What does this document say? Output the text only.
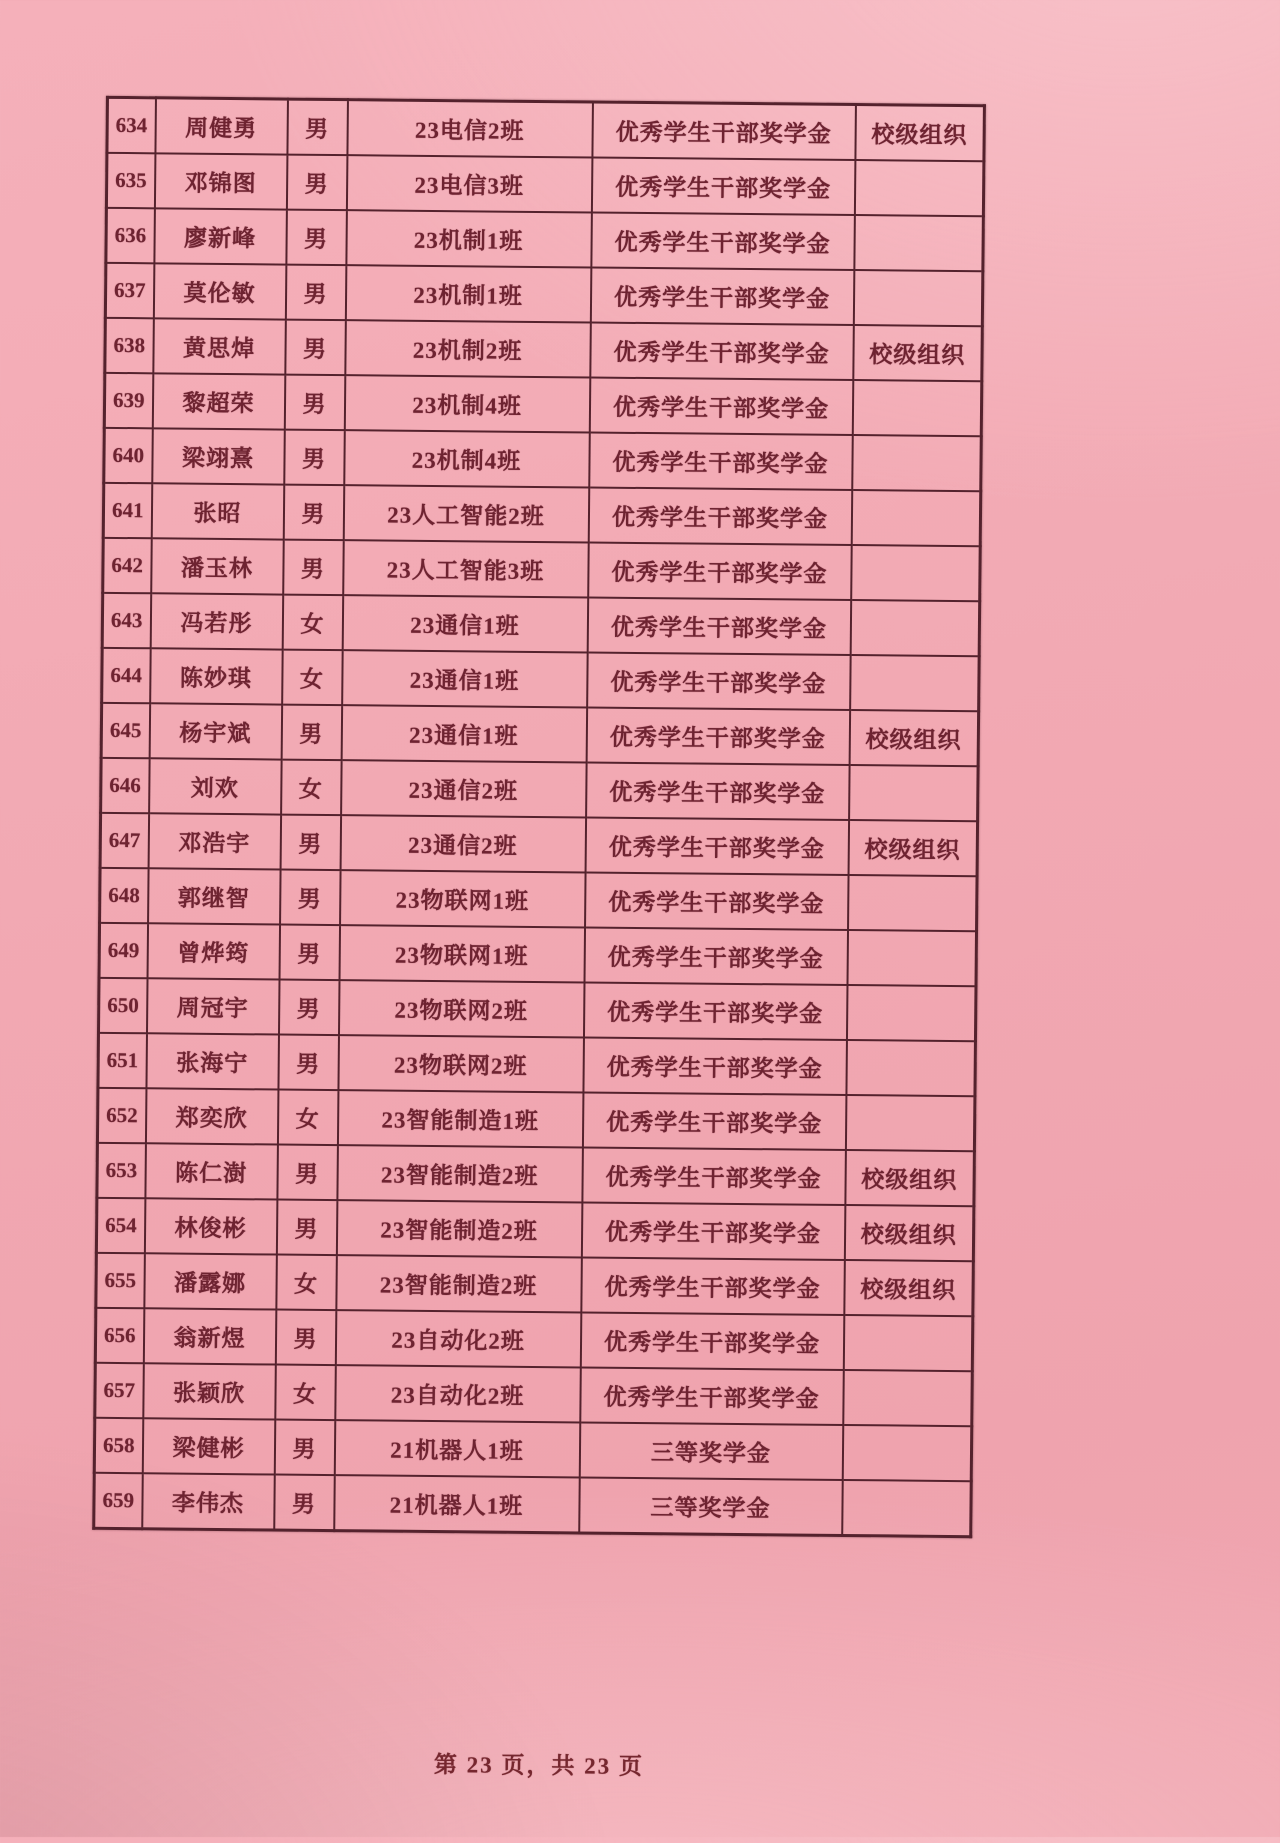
634	周健勇	男	23电信2班	优秀学生干部奖学金	校级组织
635	邓锦图	男	23电信3班	优秀学生干部奖学金	
636	廖新峰	男	23机制1班	优秀学生干部奖学金	
637	莫伦敏	男	23机制1班	优秀学生干部奖学金	
638	黄思焯	男	23机制2班	优秀学生干部奖学金	校级组织
639	黎超荣	男	23机制4班	优秀学生干部奖学金	
640	梁翊熹	男	23机制4班	优秀学生干部奖学金	
641	张昭	男	23人工智能2班	优秀学生干部奖学金	
642	潘玉林	男	23人工智能3班	优秀学生干部奖学金	
643	冯若彤	女	23通信1班	优秀学生干部奖学金	
644	陈妙琪	女	23通信1班	优秀学生干部奖学金	
645	杨宇斌	男	23通信1班	优秀学生干部奖学金	校级组织
646	刘欢	女	23通信2班	优秀学生干部奖学金	
647	邓浩宇	男	23通信2班	优秀学生干部奖学金	校级组织
648	郭继智	男	23物联网1班	优秀学生干部奖学金	
649	曾烨筠	男	23物联网1班	优秀学生干部奖学金	
650	周冠宇	男	23物联网2班	优秀学生干部奖学金	
651	张海宁	男	23物联网2班	优秀学生干部奖学金	
652	郑奕欣	女	23智能制造1班	优秀学生干部奖学金	
653	陈仁澍	男	23智能制造2班	优秀学生干部奖学金	校级组织
654	林俊彬	男	23智能制造2班	优秀学生干部奖学金	校级组织
655	潘露娜	女	23智能制造2班	优秀学生干部奖学金	校级组织
656	翁新煜	男	23自动化2班	优秀学生干部奖学金	
657	张颖欣	女	23自动化2班	优秀学生干部奖学金	
658	梁健彬	男	21机器人1班	三等奖学金	
659	李伟杰	男	21机器人1班	三等奖学金	
第 23 页，共 23 页
